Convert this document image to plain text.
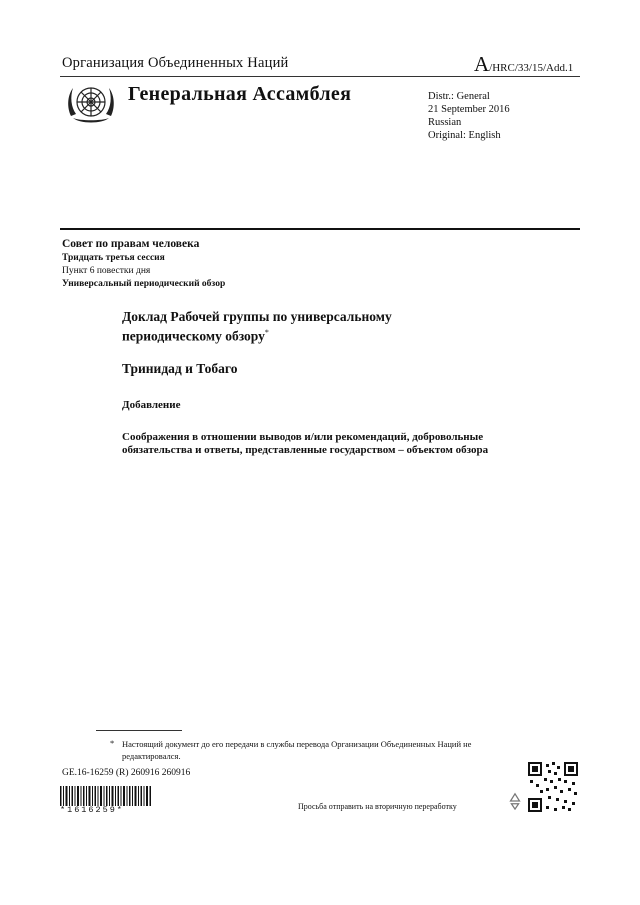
Организация Объединенных Наций	A/HRC/33/15/Add.1
Генеральная Ассамблея	Distr.: General
21 September 2016
Russian
Original: English
Совет по правам человека
Тридцать третья сессия
Пункт 6 повестки дня
Универсальный периодический обзор
Доклад Рабочей группы по универсальному периодическому обзору*
Тринидад и Тобаго
Добавление
Соображения в отношении выводов и/или рекомендаций, добровольные обязательства и ответы, представленные государством – объектом обзора
* Настоящий документ до его передачи в службы перевода Организации Объединенных Наций не редактировался.
GE.16-16259 (R) 260916 260916
*1616259*	Просьба отправить на вторичную переработку
